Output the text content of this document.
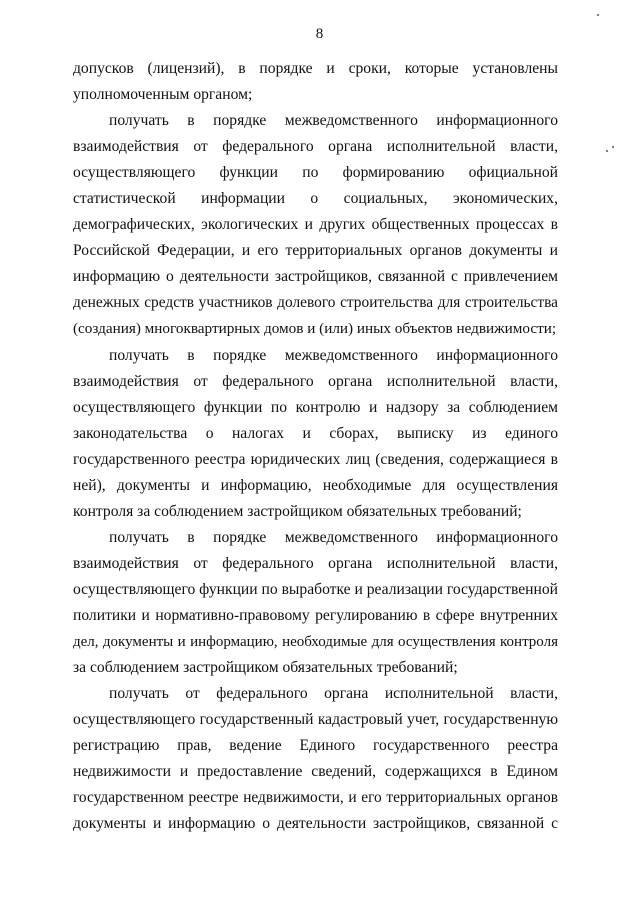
8
допусков (лицензий), в порядке и сроки, которые установлены
уполномоченным органом;
получать в порядке межведомственного информационного
взаимодействия от федерального органа исполнительной власти,
осуществляющего функции по формированию официальной
статистической информации о социальных, экономических,
демографических, экологических и других общественных процессах в
Российской Федерации, и его территориальных органов документы и
информацию о деятельности застройщиков, связанной с привлечением
денежных средств участников долевого строительства для строительства
(создания) многоквартирных домов и (или) иных объектов недвижимости;
получать в порядке межведомственного информационного
взаимодействия от федерального органа исполнительной власти,
осуществляющего функции по контролю и надзору за соблюдением
законодательства о налогах и сборах, выписку из единого
государственного реестра юридических лиц (сведения, содержащиеся в
ней), документы и информацию, необходимые для осуществления
контроля за соблюдением застройщиком обязательных требований;
получать в порядке межведомственного информационного
взаимодействия от федерального органа исполнительной власти,
осуществляющего функции по выработке и реализации государственной
политики и нормативно-правовому регулированию в сфере внутренних
дел, документы и информацию, необходимые для осуществления контроля
за соблюдением застройщиком обязательных требований;
получать от федерального органа исполнительной власти,
осуществляющего государственный кадастровый учет, государственную
регистрацию прав, ведение Единого государственного реестра
недвижимости и предоставление сведений, содержащихся в Едином
государственном реестре недвижимости, и его территориальных органов
документы и информацию о деятельности застройщиков, связанной с
